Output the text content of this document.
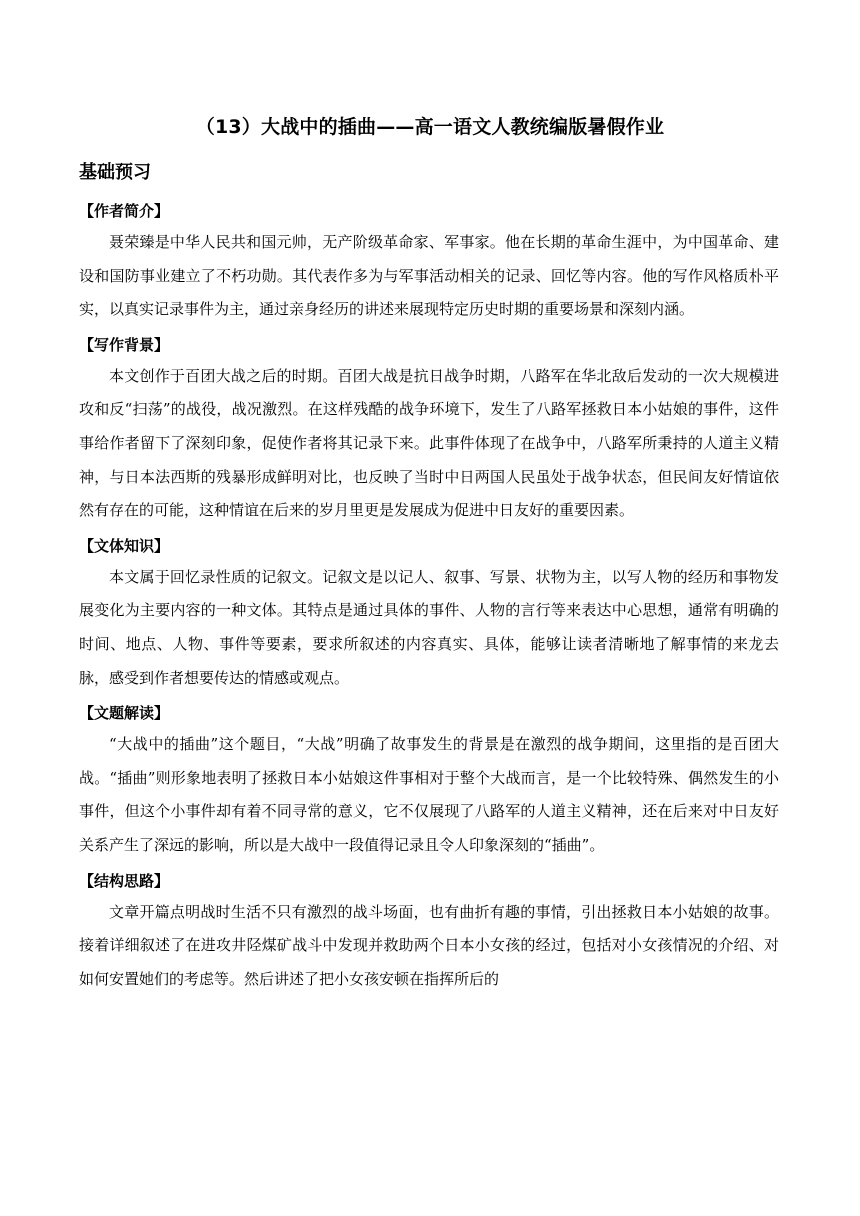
（13）大战中的插曲——高一语文人教统编版暑假作业
基础预习
【作者简介】

聂荣臻是中华人民共和国元帅，无产阶级革命家、军事家。他在长期的革命生涯中，为中国革命、建设和国防事业建立了不朽功勋。其代表作多为与军事活动相关的记录、回忆等内容。他的写作风格质朴平实，以真实记录事件为主，通过亲身经历的讲述来展现特定历史时期的重要场景和深刻内涵。

【写作背景】

本文创作于百团大战之后的时期。百团大战是抗日战争时期，八路军在华北敌后发动的一次大规模进攻和反“扫荡”的战役，战况激烈。在这样残酷的战争环境下，发生了八路军拯救日本小姑娘的事件，这件事给作者留下了深刻印象，促使作者将其记录下来。此事件体现了在战争中，八路军所秉持的人道主义精神，与日本法西斯的残暴形成鲜明对比，也反映了当时中日两国人民虽处于战争状态，但民间友好情谊依然有存在的可能，这种情谊在后来的岁月里更是发展成为促进中日友好的重要因素。

【文体知识】

本文属于回忆录性质的记叙文。记叙文是以记人、叙事、写景、状物为主，以写人物的经历和事物发展变化为主要内容的一种文体。其特点是通过具体的事件、人物的言行等来表达中心思想，通常有明确的时间、地点、人物、事件等要素，要求所叙述的内容真实、具体，能够让读者清晰地了解事情的来龙去脉，感受到作者想要传达的情感或观点。

【文题解读】

“大战中的插曲”这个题目，“大战”明确了故事发生的背景是在激烈的战争期间，这里指的是百团大战。“插曲”则形象地表明了拯救日本小姑娘这件事相对于整个大战而言，是一个比较特殊、偶然发生的小事件，但这个小事件却有着不同寻常的意义，它不仅展现了八路军的人道主义精神，还在后来对中日友好关系产生了深远的影响，所以是大战中一段值得记录且令人印象深刻的“插曲”。

【结构思路】

文章开篇点明战时生活不只有激烈的战斗场面，也有曲折有趣的事情，引出拯救日本小姑娘的故事。接着详细叙述了在进攻井陉煤矿战斗中发现并救助两个日本小女孩的经过，包括对小女孩情况的介绍、对如何安置她们的考虑等。然后讲述了把小女孩安顿在指挥所后的
